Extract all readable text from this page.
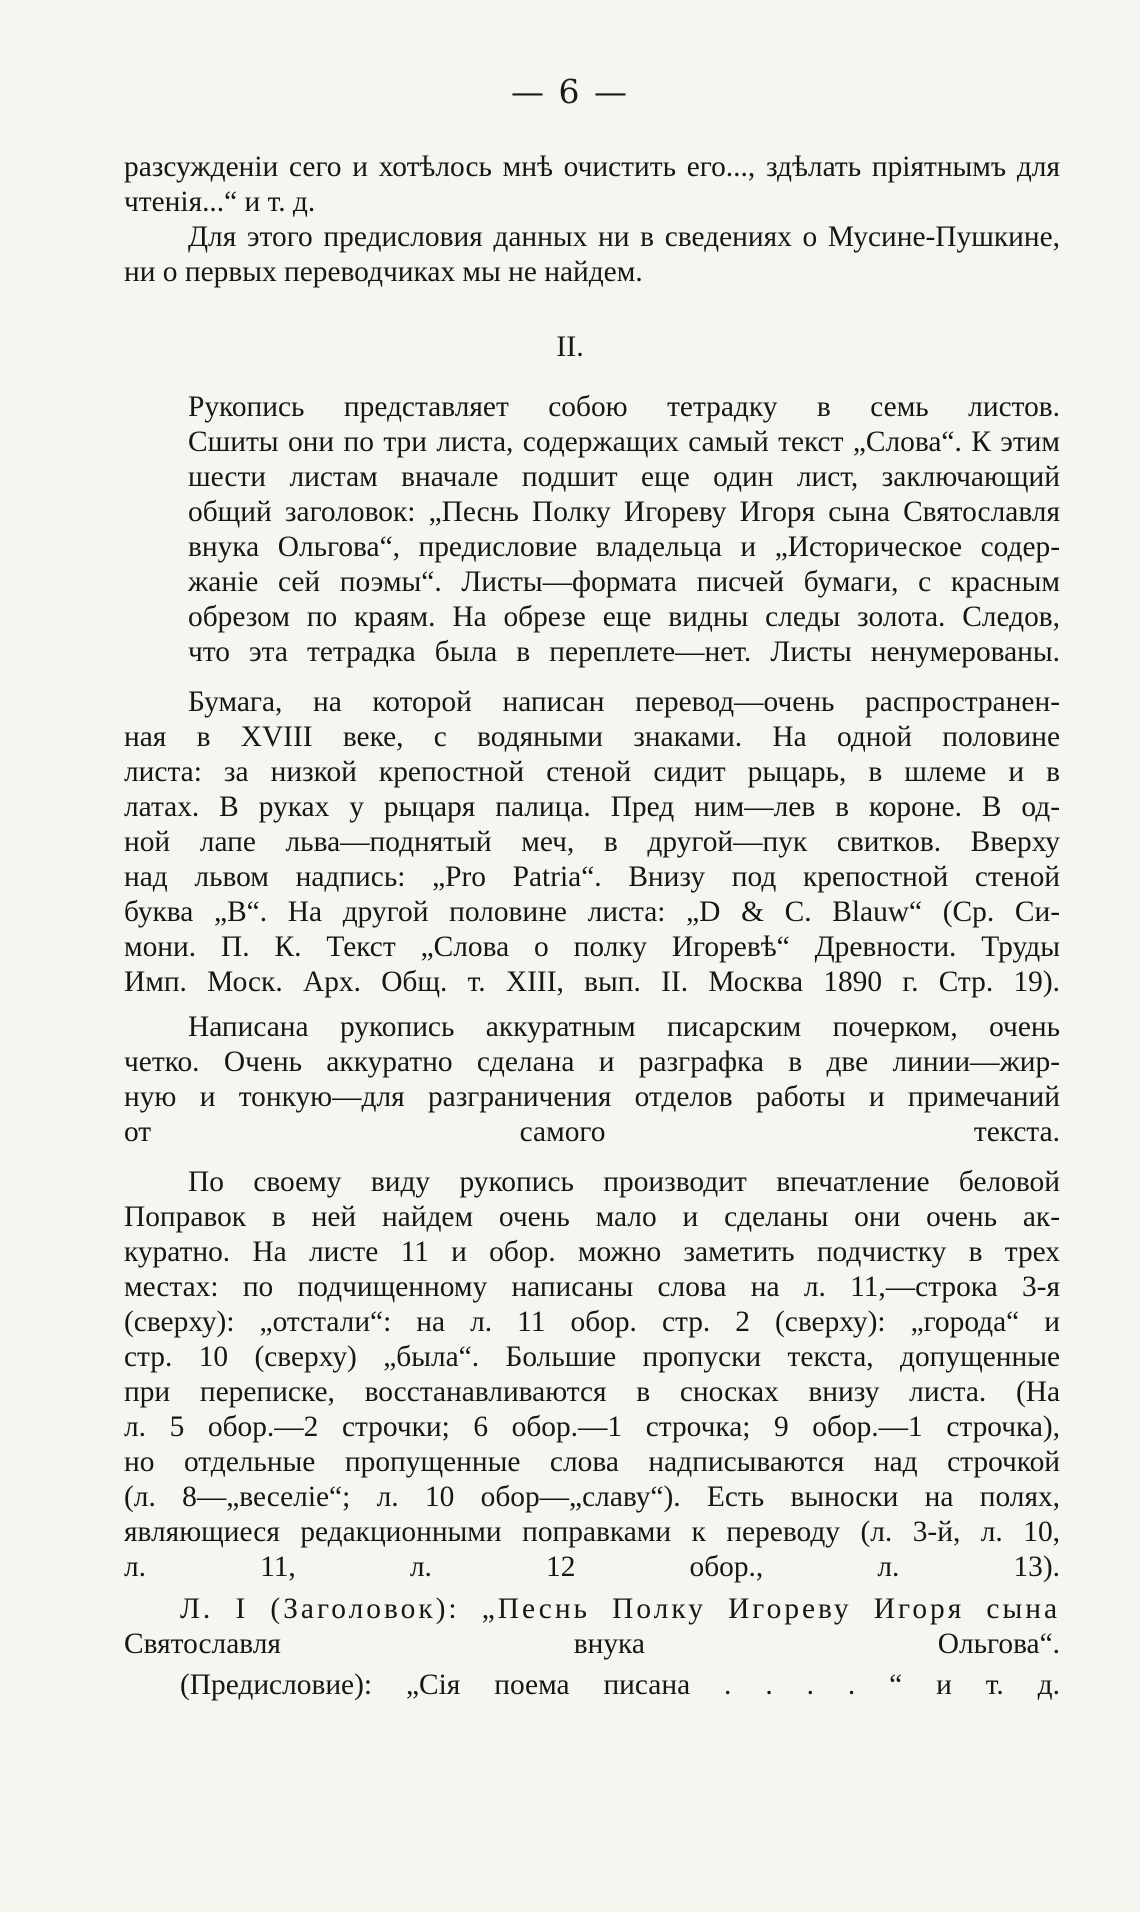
— 6 —

разсужденіи сего и хотѣлось мнѣ очистить его..., здѣлать пріятнымъ для чтенія...“ и т. д.

Для этого предисловия данных ни в сведениях о Мусине-Пушкине, ни о первых переводчиках мы не найдем.

II.

Рукопись представляет собою тетрадку в семь листов.
Сшиты они по три листа, содержащих самый текст „Слова“. К этим
шести листам вначале подшит еще один лист, заключающий
общий заголовок: „Песнь Полку Игореву Игоря сына Святославля
внука Ольгова“, предисловие владельца и „Историческое содер-
жаніе сей поэмы“. Листы—формата писчей бумаги, с красным
обрезом по краям. На обрезе еще видны следы золота. Следов,
что эта тетрадка была в переплете—нет. Листы ненумерованы.

Бумага, на которой написан перевод—очень распространен-
ная в XVIII веке, с водяными знаками. На одной половине
листа: за низкой крепостной стеной сидит рыцарь, в шлеме и в
латах. В руках у рыцаря палица. Пред ним—лев в короне. В од-
ной лапе льва—поднятый меч, в другой—пук свитков. Вверху
над львом надпись: „Pro Patria“. Внизу под крепостной стеной
буква „B“. На другой половине листа: „D & C. Blauw“ (Ср. Си-
мони. П. К. Текст „Слова о полку Игоревѣ“ Древности. Труды
Имп. Моск. Арх. Общ. т. XIII, вып. II. Москва 1890 г. Стр. 19).

Написана рукопись аккуратным писарским почерком, очень
четко. Очень аккуратно сделана и разграфка в две линии—жир-
ную и тонкую—для разграничения отделов работы и примечаний
от самого текста.

По своему виду рукопись производит впечатление беловой
Поправок в ней найдем очень мало и сделаны они очень ак-
куратно. На листе 11 и обор. можно заметить подчистку в трех
местах: по подчищенному написаны слова на л. 11,—строка 3-я
(сверху): „отстали“: на л. 11 обор. стр. 2 (сверху): „города“ и
стр. 10 (сверху) „была“. Большие пропуски текста, допущенные
при переписке, восстанавливаются в сносках внизу листа. (На
л. 5 обор.—2 строчки; 6 обор.—1 строчка; 9 обор.—1 строчка),
но отдельные пропущенные слова надписываются над строчкой
(л. 8—„веселіе“; л. 10 обор—„славу“). Есть выноски на полях,
являющиеся редакционными поправками к переводу (л. 3-й, л. 10,
л. 11, л. 12 обор., л. 13).

Л. I (Заголовок): „Песнь Полку Игореву Игоря сына
Святославля внука Ольгова“.

(Предисловие): „Сія поема писана . . . . “ и т. д.
